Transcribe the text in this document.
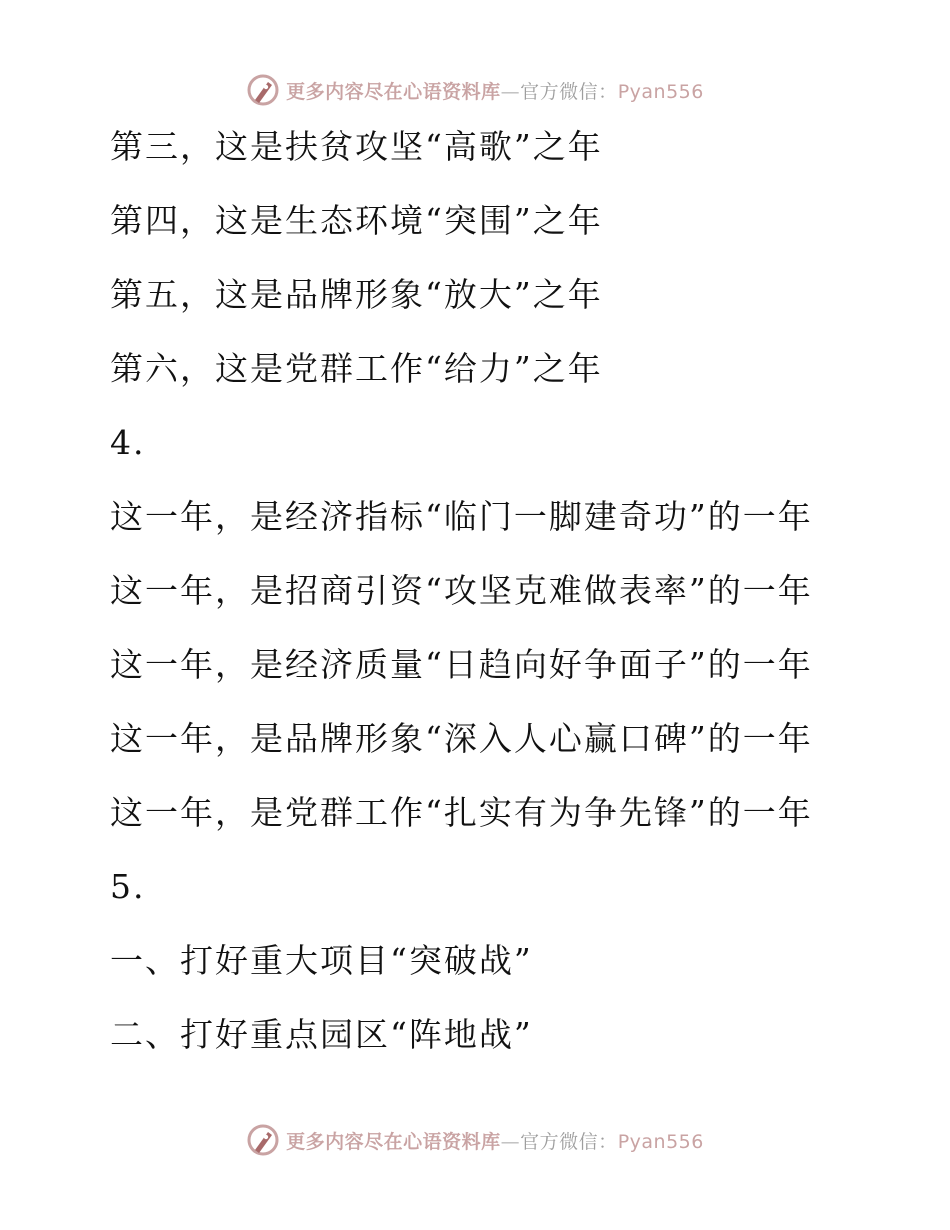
更多内容尽在心语资料库—官方微信：Pyan556
第三，这是扶贫攻坚“高歌”之年
第四，这是生态环境“突围”之年
第五，这是品牌形象“放大”之年
第六，这是党群工作“给力”之年
4.
这一年，是经济指标“临门一脚建奇功”的一年
这一年，是招商引资“攻坚克难做表率”的一年
这一年，是经济质量“日趋向好争面子”的一年
这一年，是品牌形象“深入人心赢口碑”的一年
这一年，是党群工作“扎实有为争先锋”的一年
5.
一、打好重大项目“突破战”
二、打好重点园区“阵地战”
更多内容尽在心语资料库—官方微信：Pyan556
